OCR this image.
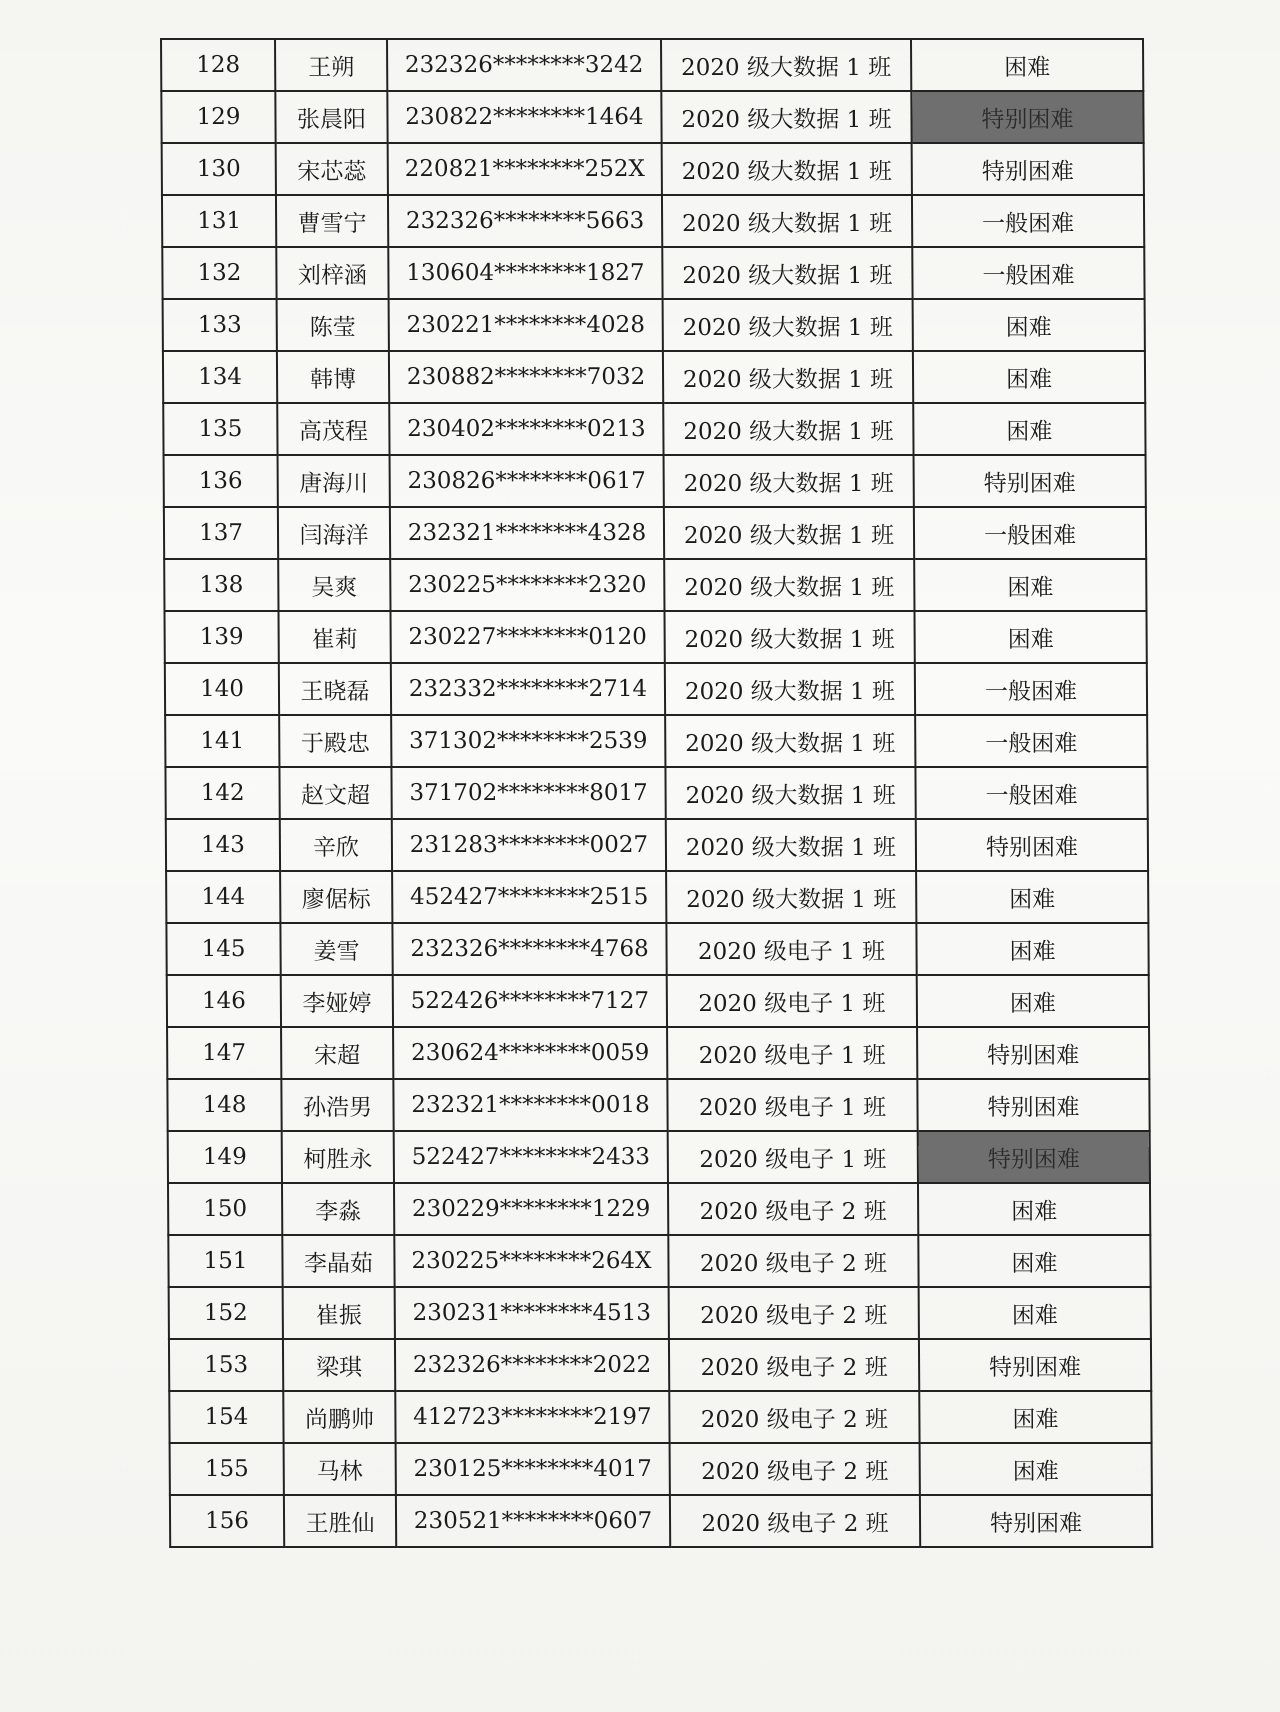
128	王朔	232326********3242	2020 级大数据 1 班	困难
129	张晨阳	230822********1464	2020 级大数据 1 班	特别困难
130	宋芯蕊	220821********252X	2020 级大数据 1 班	特别困难
131	曹雪宁	232326********5663	2020 级大数据 1 班	一般困难
132	刘梓涵	130604********1827	2020 级大数据 1 班	一般困难
133	陈莹	230221********4028	2020 级大数据 1 班	困难
134	韩博	230882********7032	2020 级大数据 1 班	困难
135	高茂程	230402********0213	2020 级大数据 1 班	困难
136	唐海川	230826********0617	2020 级大数据 1 班	特别困难
137	闫海洋	232321********4328	2020 级大数据 1 班	一般困难
138	吴爽	230225********2320	2020 级大数据 1 班	困难
139	崔莉	230227********0120	2020 级大数据 1 班	困难
140	王晓磊	232332********2714	2020 级大数据 1 班	一般困难
141	于殿忠	371302********2539	2020 级大数据 1 班	一般困难
142	赵文超	371702********8017	2020 级大数据 1 班	一般困难
143	辛欣	231283********0027	2020 级大数据 1 班	特别困难
144	廖倨标	452427********2515	2020 级大数据 1 班	困难
145	姜雪	232326********4768	2020 级电子 1 班	困难
146	李娅婷	522426********7127	2020 级电子 1 班	困难
147	宋超	230624********0059	2020 级电子 1 班	特别困难
148	孙浩男	232321********0018	2020 级电子 1 班	特别困难
149	柯胜永	522427********2433	2020 级电子 1 班	特别困难
150	李淼	230229********1229	2020 级电子 2 班	困难
151	李晶茹	230225********264X	2020 级电子 2 班	困难
152	崔振	230231********4513	2020 级电子 2 班	困难
153	梁琪	232326********2022	2020 级电子 2 班	特别困难
154	尚鹏帅	412723********2197	2020 级电子 2 班	困难
155	马林	230125********4017	2020 级电子 2 班	困难
156	王胜仙	230521********0607	2020 级电子 2 班	特别困难
